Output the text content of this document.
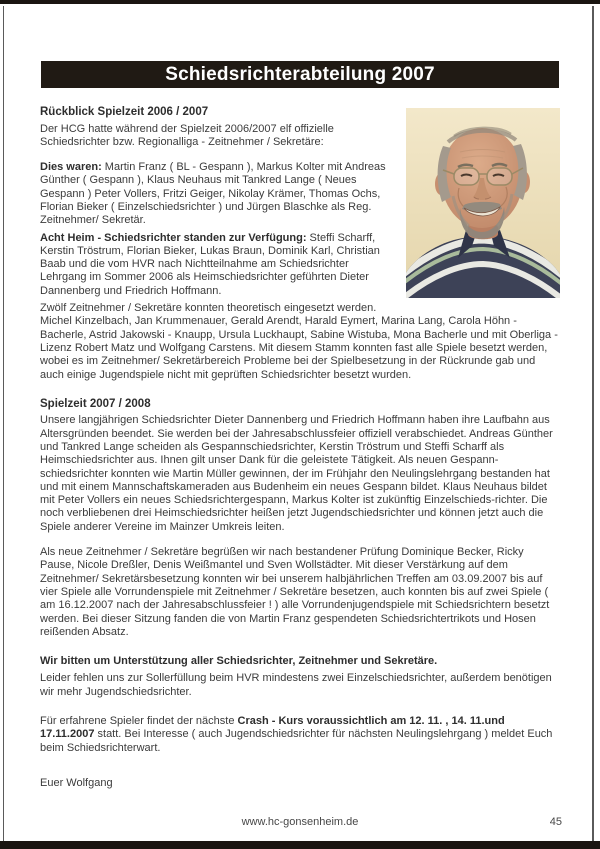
Schiedsrichterabteilung 2007
Rückblick Spielzeit 2006 / 2007

Der HCG hatte während der Spielzeit 2006/2007 elf offizielle Schiedsrichter bzw. Regionalliga - Zeitnehmer / Sekretäre:

Dies waren: Martin Franz ( BL - Gespann ), Markus Kolter mit Andreas Günther ( Gespann ), Klaus Neuhaus mit Tankred Lange ( Neues Gespann ) Peter Vollers, Fritzi Geiger, Nikolay Krämer, Thomas Ochs, Florian Bieker ( Einzelschiedsrichter ) und Jürgen Blaschke als Reg. Zeitnehmer/ Sekretär.

Acht Heim - Schiedsrichter standen zur Verfügung: Steffi Scharff, Kerstin Tröstrum, Florian Bieker, Lukas Braun, Dominik Karl, Christian Baab und die vom HVR nach Nichtteilnahme am Schiedsrichter Lehrgang im Sommer 2006 als Heimschiedsrichter geführten Dieter Dannenberg und Friedrich Hoffmann.

Zwölf Zeitnehmer / Sekretäre konnten theoretisch eingesetzt werden. Michel Kinzelbach, Jan Krummenauer, Gerald Arendt, Harald Eymert, Marina Lang, Carola Höhn - Bacherle, Astrid Jakowski - Knaupp, Ursula Luckhaupt, Sabine Wistuba, Mona Bacherle und mit Oberliga - Lizenz Robert Matz und Wolfgang Carstens. Mit diesem Stamm konnten fast alle Spiele besetzt werden, wobei es im Zeitnehmer/ Sekretärbereich Probleme bei der Spielbesetzung in der Rückrunde gab und auch einige Jugendspiele nicht mit geprüften Schiedsrichter besetzt wurden.

Spielzeit 2007 / 2008

Unsere langjährigen Schiedsrichter Dieter Dannenberg und Friedrich Hoffmann haben ihre Laufbahn aus Altersgründen beendet. Sie werden bei der Jahresabschlussfeier offiziell verabschiedet. Andreas Günther und Tankred Lange scheiden als Gespannschiedsrichter, Kerstin Tröstrum und Steffi Scharff als Heimschiedsrichter aus. Ihnen gilt unser Dank für die geleistete Tätigkeit. Als neuen Gespann-schiedsrichter konnten wie Martin Müller gewinnen, der im Frühjahr den Neulingslehrgang bestanden hat und mit einem Mannschaftskameraden aus Budenheim ein neues Gespann bildet. Klaus Neuhaus bildet mit Peter Vollers ein neues Schiedsrichtergespann, Markus Kolter ist zukünftig Einzelschieds-richter. Die noch verbliebenen drei Heimschiedsrichter heißen jetzt Jugendschiedsrichter und können jetzt auch die Spiele anderer Vereine im Mainzer Umkreis leiten.

Als neue Zeitnehmer / Sekretäre begrüßen wir nach bestandener Prüfung Dominique Becker, Ricky Pause, Nicole Dreßler, Denis Weißmantel und Sven Wollstädter. Mit dieser Verstärkung auf dem Zeitnehmer/ Sekretärsbesetzung konnten wir bei unserem halbjährlichen Treffen am 03.09.2007 bis auf vier Spiele alle Vorrundenspiele mit Zeitnehmer / Sekretäre besetzen, auch konnten bis auf zwei Spiele ( am 16.12.2007 nach der Jahresabschlussfeier ! ) alle Vorrundenjugendspiele mit Schiedsrichtern besetzt werden. Bei dieser Sitzung fanden die von Martin Franz gespendeten Schiedsrichtertrikots und Hosen reißenden Absatz.

Wir bitten um Unterstützung aller Schiedsrichter, Zeitnehmer und Sekretäre.

Leider fehlen uns zur Sollerfüllung beim HVR mindestens zwei Einzelschiedsrichter, außerdem benötigen wir mehr Jugendschiedsrichter.

Für erfahrene Spieler findet der nächste Crash - Kurs voraussichtlich am 12. 11. , 14. 11.und 17.11.2007 statt. Bei Interesse ( auch Jugendschiedsrichter für nächsten Neulingslehrgang ) meldet Euch beim Schiedsrichterwart.

Euer Wolfgang

www.hc-gonsenheim.de	45
